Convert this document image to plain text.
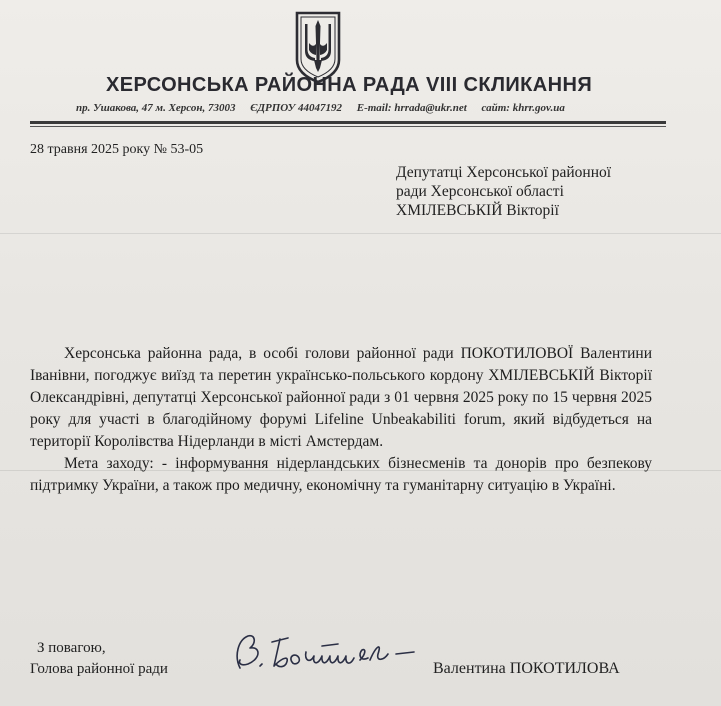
ХЕРСОНСЬКА РАЙОННА РАДА VIII СКЛИКАННЯ
пр. Ушакова, 47 м. Херсон, 73003 ЄДРПОУ 44047192 E-mail: hrrada@ukr.net сайт: khrr.gov.ua
28 травня 2025 року № 53-05
Депутатці Херсонської районної
ради Херсонської області
ХМІЛЕВСЬКІЙ Вікторії

Херсонська районна рада, в особі голови районної ради ПОКОТИЛОВОЇ Валентини Іванівни, погоджує виїзд та перетин українсько-польського кордону ХМІЛЕВСЬКІЙ Вікторії Олександрівні, депутатці Херсонської районної ради з 01 червня 2025 року по 15 червня 2025 року для участі в благодійному форумі Lifeline Unbeakabiliti forum, який відбудеться на території Королівства Нідерланди в місті Амстердам.

Мета заходу: - інформування нідерландських бізнесменів та донорів про безпекову підтримку України, а також про медичну, економічну та гуманітарну ситуацію в Україні.

З повагою,
Голова районної ради	Валентина ПОКОТИЛОВА
